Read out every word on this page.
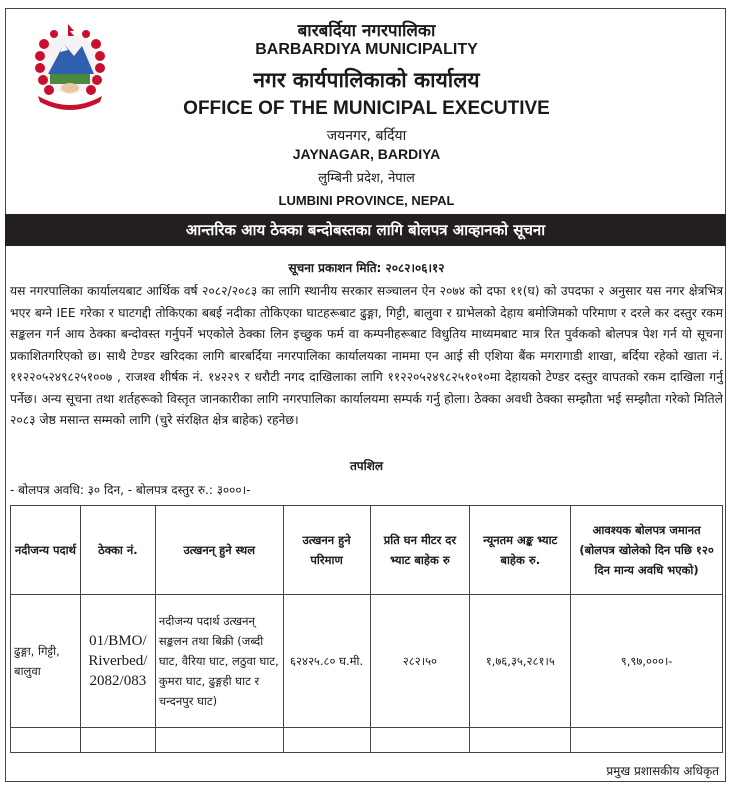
बारबर्दिया नगरपालिका
BARBARDIYA MUNICIPALITY
नगर कार्यपालिकाको कार्यालय
OFFICE OF THE MUNICIPAL EXECUTIVE
जयनगर, बर्दिया
JAYNAGAR, BARDIYA
लुम्बिनी प्रदेश, नेपाल
LUMBINI PROVINCE, NEPAL
आन्तरिक आय ठेक्का बन्दोबस्तका लागि बोलपत्र आव्हानको सूचना
सूचना प्रकाशन मिति: २०८२।०६।१२
यस नगरपालिका कार्यालयबाट आर्थिक वर्ष २०८२/२०८३ का लागि स्थानीय सरकार सञ्चालन ऐन २०७४ को दफा ११(घ) को उपदफा २ अनुसार यस नगर क्षेत्रभित्र भएर बग्ने IEE गरेका र घाटगद्दी तोकिएका बबई नदीका तोकिएका घाटहरूबाट ढुङ्गा, गिट्टी, बालुवा र ग्राभेलको देहाय बमोजिमको परिमाण र दरले कर दस्तुर रकम सङ्कलन गर्न आय ठेक्का बन्दोवस्त गर्नुपर्ने भएकोले ठेक्का लिन इच्छुक फर्म वा कम्पनीहरूबाट विधुतिय माध्यमबाट मात्र रित पुर्वकको बोलपत्र पेश गर्न यो सूचना प्रकाशितगरिएको छ। साथै टेण्डर खरिदका लागि बारबर्दिया नगरपालिका कार्यालयका नाममा एन आई सी एशिया बैंक मगरागाडी शाखा, बर्दिया रहेको खाता नं. ११२२०५२४९८२५१००७ , राजश्व शीर्षक नं. १४२२९ र धरौटी नगद दाखिलाका लागि ११२२०५२४९८२५१०१०मा देहायको टेण्डर दस्तुर वापतको रकम दाखिला गर्नु पर्नेछ। अन्य सूचना तथा शर्तहरूको विस्तृत जानकारीका लागि नगरपालिका कार्यालयमा सम्पर्क गर्नु होला। ठेक्का अवधी ठेक्का सम्झौता भई सम्झौता गरेको मितिले २०८३ जेष्ठ मसान्त सम्मको लागि (चुरे संरक्षित क्षेत्र बाहेक) रहनेछ।
तपशिल
- बोलपत्र अवधि: ३० दिन, - बोलपत्र दस्तुर रु.: ३०००।-
नदीजन्य पदार्थ	ठेक्का नं.	उत्खनन् हुने स्थल	उत्खनन हुने परिमाण	प्रति घन मीटर दर भ्याट बाहेक रु	न्यूनतम अङ्क भ्याट बाहेक रु.	आवश्यक बोलपत्र जमानत (बोलपत्र खोलेको दिन पछि १२० दिन मान्य अवधि भएको)
ढुङ्गा, गिट्टी, बालुवा	01/BMO/ Riverbed/ 2082/083	नदीजन्य पदार्थ उत्खनन् सङ्कलन तथा बिक्री (जब्दी घाट, वैरिया घाट, लठुवा घाट, कुमरा घाट, ढुङ्गही घाट र चन्दनपुर घाट)	६२४२५.८० घ.मी.	२८२।५०	१,७६,३५,२८१।५	९,९७,०००।-

प्रमुख प्रशासकीय अधिकृत
